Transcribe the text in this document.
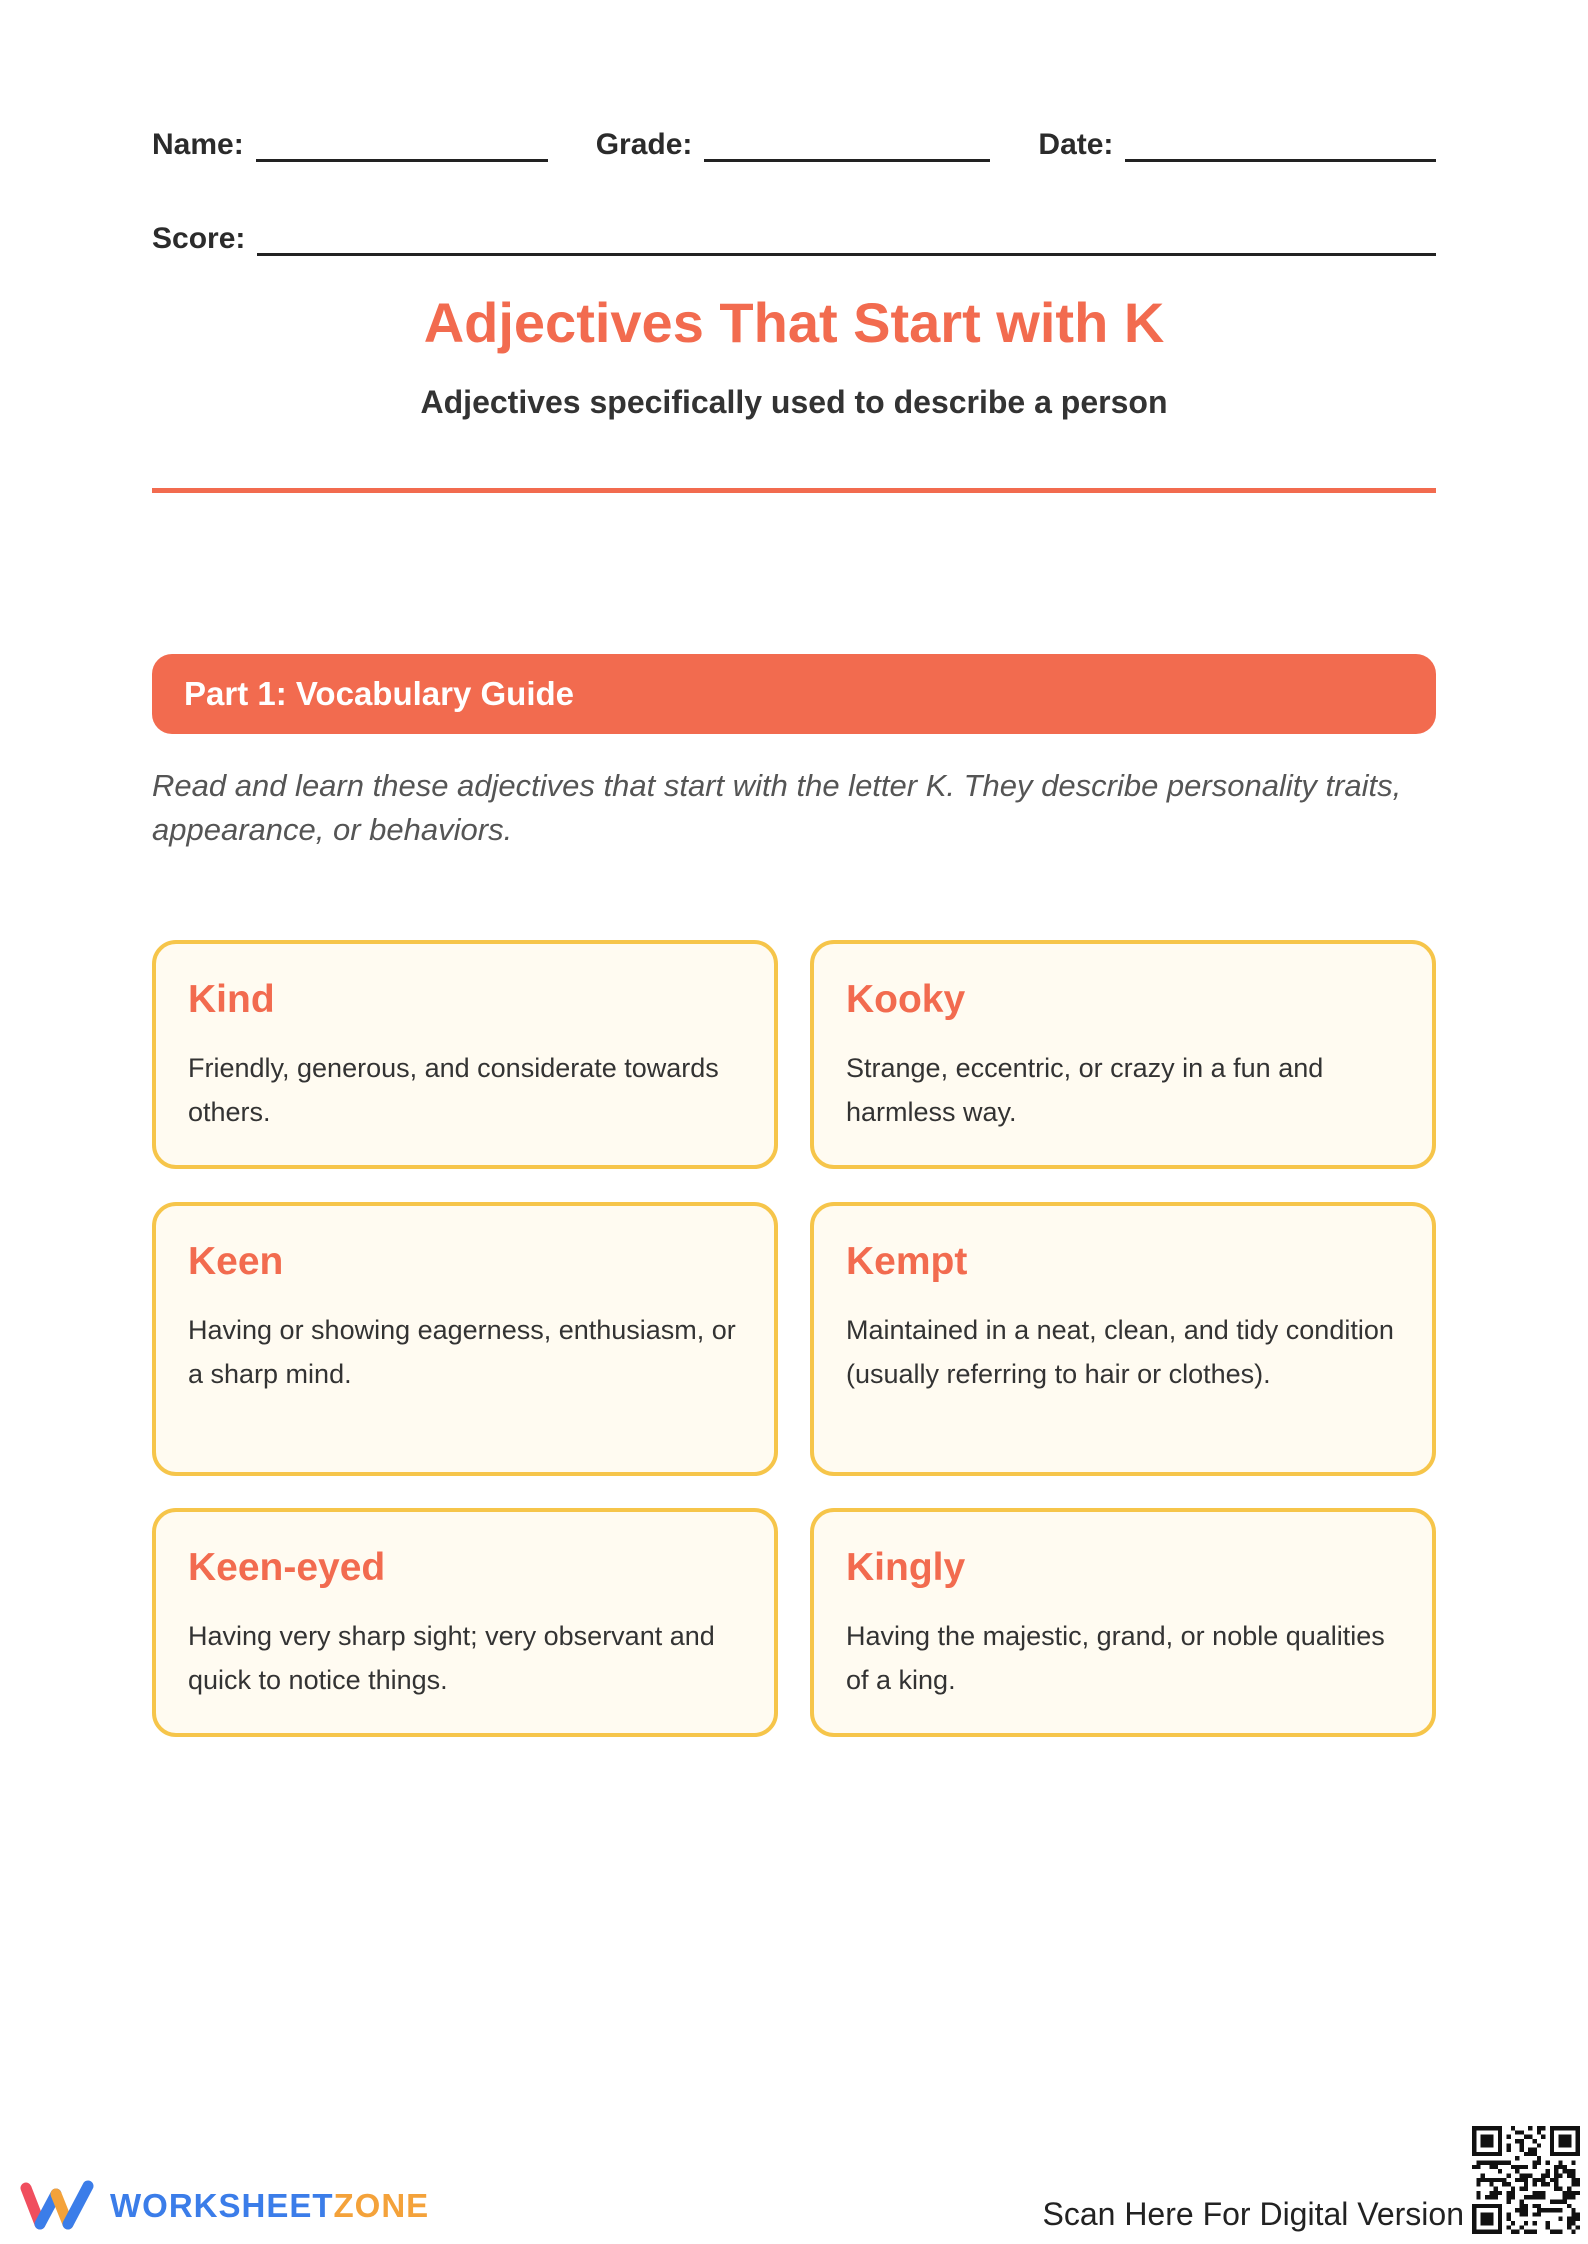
Name:	Grade:	Date:
Score:
Adjectives That Start with K
Adjectives specifically used to describe a person
Part 1: Vocabulary Guide

Read and learn these adjectives that start with the letter K. They describe personality traits, appearance, or behaviors.

Kind
Friendly, generous, and considerate towards others.
Kooky
Strange, eccentric, or crazy in a fun and harmless way.
Keen
Having or showing eagerness, enthusiasm, or a sharp mind.
Kempt
Maintained in a neat, clean, and tidy condition (usually referring to hair or clothes).
Keen-eyed
Having very sharp sight; very observant and quick to notice things.
Kingly
Having the majestic, grand, or noble qualities of a king.
WORKSHEETZONE	Scan Here For Digital Version
